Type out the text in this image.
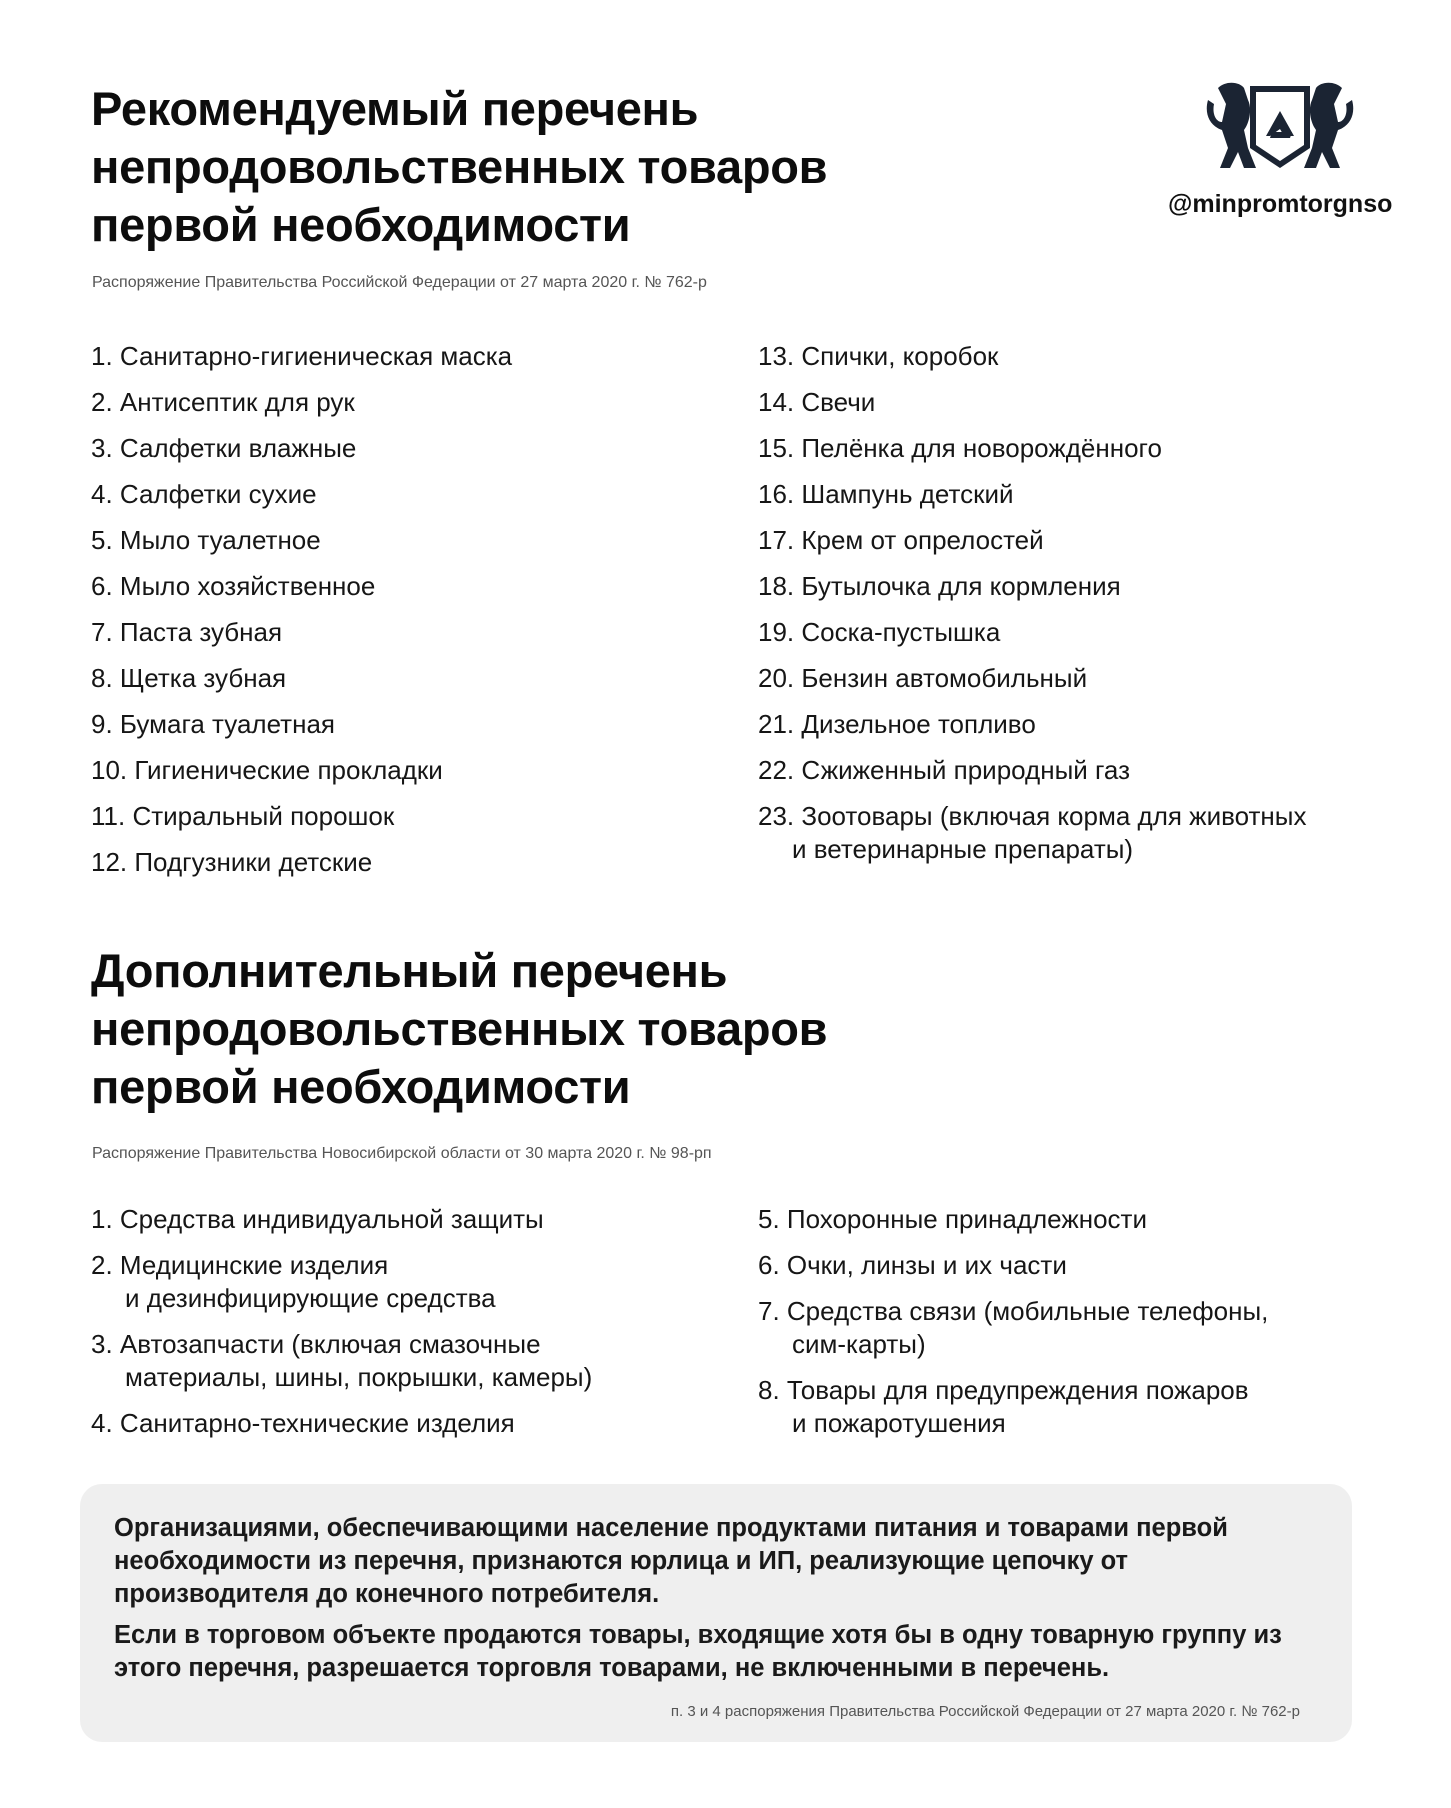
Рекомендуемый перечень
непродовольственных товаров
первой необходимости
Распоряжение Правительства Российской Федерации от 27 марта 2020 г. № 762-р
@minpromtorgnso
1. Санитарно-гигиеническая маска
2. Антисептик для рук
3. Салфетки влажные
4. Салфетки сухие
5. Мыло туалетное
6. Мыло хозяйственное
7. Паста зубная
8. Щетка зубная
9. Бумага туалетная
10. Гигиенические прокладки
11. Стиральный порошок
12. Подгузники детские
13. Спички, коробок
14. Свечи
15. Пелёнка для новорождённого
16. Шампунь детский
17. Крем от опрелостей
18. Бутылочка для кормления
19. Соска-пустышка
20. Бензин автомобильный
21. Дизельное топливо
22. Сжиженный природный газ
23. Зоотовары (включая корма для животных
и ветеринарные препараты)
Дополнительный перечень
непродовольственных товаров
первой необходимости
Распоряжение Правительства Новосибирской области от 30 марта 2020 г. № 98-рп
1. Средства индивидуальной защиты
2. Медицинские изделия
и дезинфицирующие средства
3. Автозапчасти (включая смазочные
материалы, шины, покрышки, камеры)
4. Санитарно-технические изделия
5. Похоронные принадлежности
6. Очки, линзы и их части
7. Средства связи (мобильные телефоны,
сим-карты)
8. Товары для предупреждения пожаров
и пожаротушения

Организациями, обеспечивающими население продуктами питания и товарами первой необходимости из перечня, признаются юрлица и ИП, реализующие цепочку от производителя до конечного потребителя.

Если в торговом объекте продаются товары, входящие хотя бы в одну товарную группу из этого перечня, разрешается торговля товарами, не включенными в перечень.

п. 3 и 4 распоряжения Правительства Российской Федерации от 27 марта 2020 г. № 762-р
